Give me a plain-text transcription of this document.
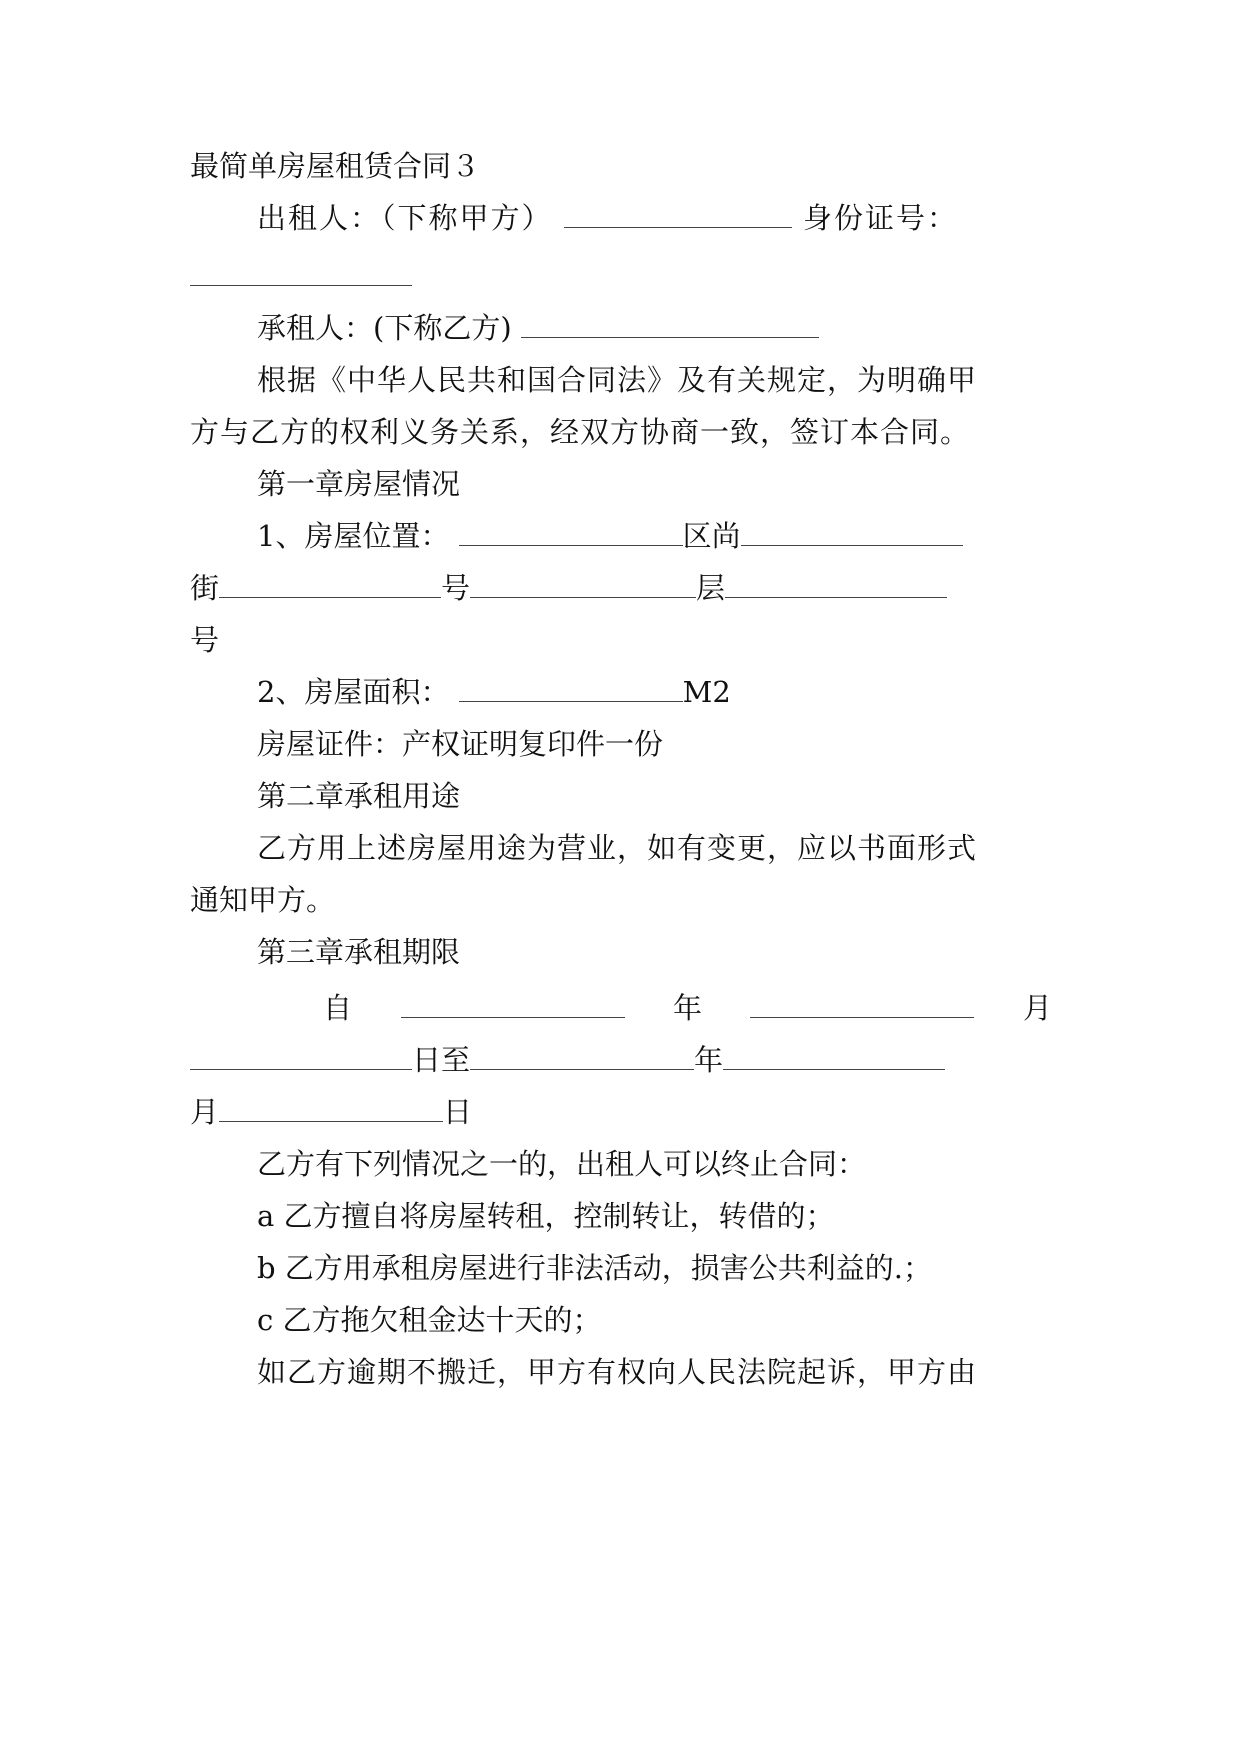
最简单房屋租赁合同３
出租人：（下称甲方）	身份证号：
承租人：(下称乙方)
根据《中华人民共和国合同法》及有关规定，为明确甲
方与乙方的权利义务关系，经双方协商一致，签订本合同。
第一章房屋情况
1、房屋位置：	区尚
街	号	层
号
2、房屋面积：	M2
房屋证件：产权证明复印件一份
第二章承租用途
乙方用上述房屋用途为营业，如有变更，应以书面形式
通知甲方。
第三章承租期限
自	年	月
日至	年
月	日
乙方有下列情况之一的，出租人可以终止合同：
a 乙方擅自将房屋转租，控制转让，转借的；
b 乙方用承租房屋进行非法活动，损害公共利益的.；
c 乙方拖欠租金达十天的；
如乙方逾期不搬迁，甲方有权向人民法院起诉，甲方由
